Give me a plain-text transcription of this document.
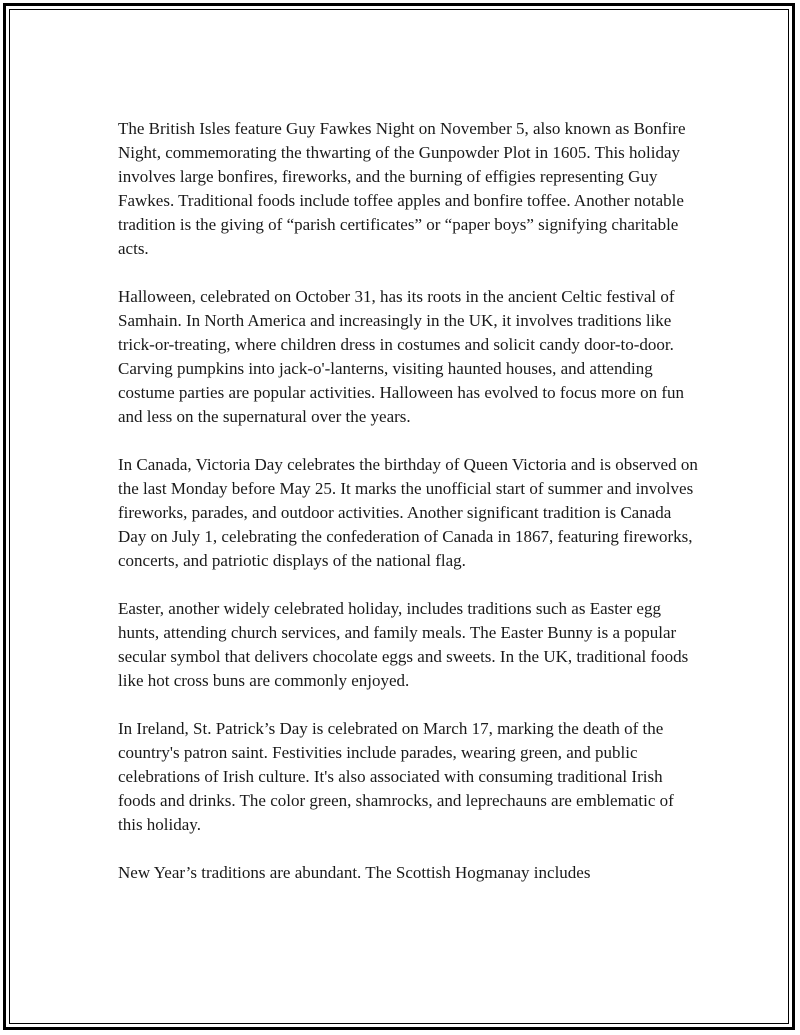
The British Isles feature Guy Fawkes Night on November 5, also known as Bonfire Night, commemorating the thwarting of the Gunpowder Plot in 1605. This holiday involves large bonfires, fireworks, and the burning of effigies representing Guy Fawkes. Traditional foods include toffee apples and bonfire toffee. Another notable tradition is the giving of “parish certificates” or “paper boys” signifying charitable acts.

Halloween, celebrated on October 31, has its roots in the ancient Celtic festival of Samhain. In North America and increasingly in the UK, it involves traditions like trick-or-treating, where children dress in costumes and solicit candy door-to-door. Carving pumpkins into jack-o'-lanterns, visiting haunted houses, and attending costume parties are popular activities. Halloween has evolved to focus more on fun and less on the supernatural over the years.

In Canada, Victoria Day celebrates the birthday of Queen Victoria and is observed on the last Monday before May 25. It marks the unofficial start of summer and involves fireworks, parades, and outdoor activities. Another significant tradition is Canada Day on July 1, celebrating the confederation of Canada in 1867, featuring fireworks, concerts, and patriotic displays of the national flag.

Easter, another widely celebrated holiday, includes traditions such as Easter egg hunts, attending church services, and family meals. The Easter Bunny is a popular secular symbol that delivers chocolate eggs and sweets. In the UK, traditional foods like hot cross buns are commonly enjoyed.

In Ireland, St. Patrick’s Day is celebrated on March 17, marking the death of the country's patron saint. Festivities include parades, wearing green, and public celebrations of Irish culture. It's also associated with consuming traditional Irish foods and drinks. The color green, shamrocks, and leprechauns are emblematic of this holiday.

New Year’s traditions are abundant. The Scottish Hogmanay includes
